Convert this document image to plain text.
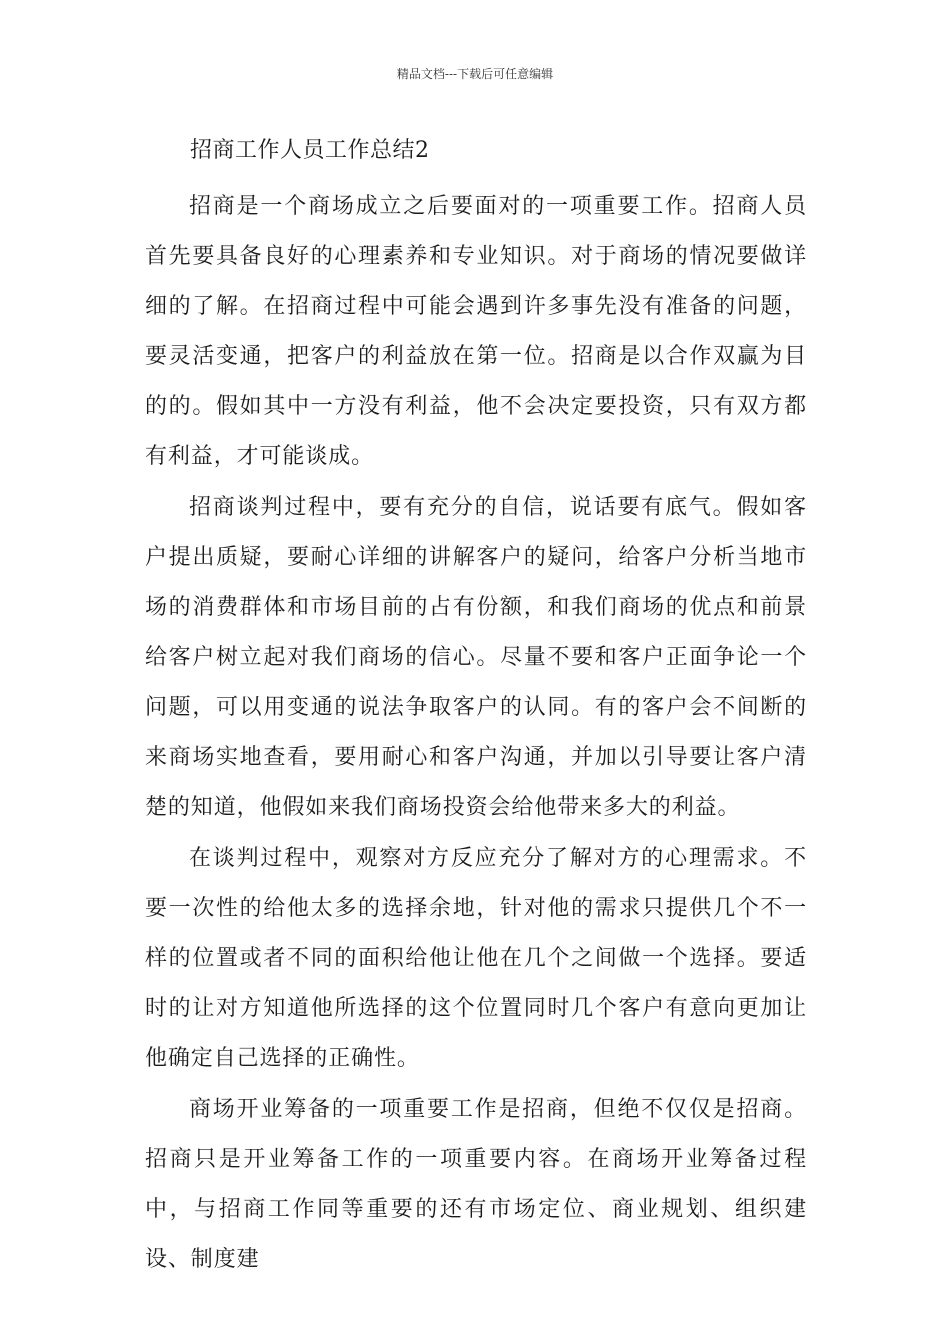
精品文档---下载后可任意编辑
招商工作人员工作总结2

招商是一个商场成立之后要面对的一项重要工作。招商人员首先要具备良好的心理素养和专业知识。对于商场的情况要做详细的了解。在招商过程中可能会遇到许多事先没有准备的问题，要灵活变通，把客户的利益放在第一位。招商是以合作双赢为目的的。假如其中一方没有利益，他不会决定要投资，只有双方都有利益，才可能谈成。

招商谈判过程中，要有充分的自信，说话要有底气。假如客户提出质疑，要耐心详细的讲解客户的疑问，给客户分析当地市场的消费群体和市场目前的占有份额，和我们商场的优点和前景给客户树立起对我们商场的信心。尽量不要和客户正面争论一个问题，可以用变通的说法争取客户的认同。有的客户会不间断的来商场实地查看，要用耐心和客户沟通，并加以引导要让客户清楚的知道，他假如来我们商场投资会给他带来多大的利益。

在谈判过程中，观察对方反应充分了解对方的心理需求。不要一次性的给他太多的选择余地，针对他的需求只提供几个不一样的位置或者不同的面积给他让他在几个之间做一个选择。要适时的让对方知道他所选择的这个位置同时几个客户有意向更加让他确定自己选择的正确性。

商场开业筹备的一项重要工作是招商，但绝不仅仅是招商。招商只是开业筹备工作的一项重要内容。在商场开业筹备过程中，与招商工作同等重要的还有市场定位、商业规划、组织建设、制度建
